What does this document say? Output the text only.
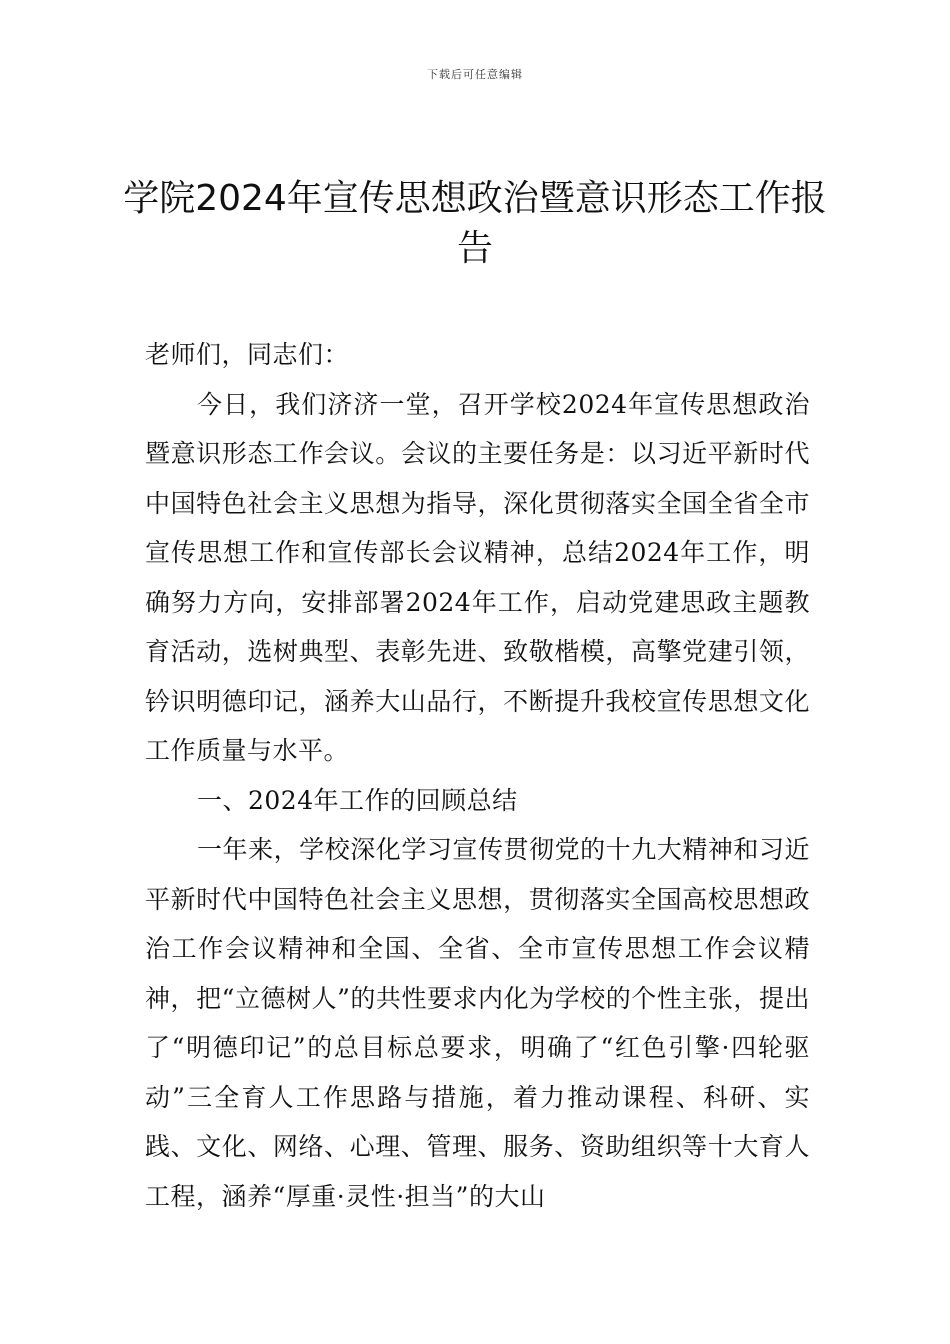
下载后可任意编辑
学院2024年宣传思想政治暨意识形态工作报告

老师们，同志们：

今日，我们济济一堂，召开学校2024年宣传思想政治暨意识形态工作会议。会议的主要任务是：以习近平新时代中国特色社会主义思想为指导，深化贯彻落实全国全省全市宣传思想工作和宣传部长会议精神，总结2024年工作，明确努力方向，安排部署2024年工作，启动党建思政主题教育活动，选树典型、表彰先进、致敬楷模，高擎党建引领，钤识明德印记，涵养大山品行，不断提升我校宣传思想文化工作质量与水平。

一、2024年工作的回顾总结

一年来，学校深化学习宣传贯彻党的十九大精神和习近平新时代中国特色社会主义思想，贯彻落实全国高校思想政治工作会议精神和全国、全省、全市宣传思想工作会议精神，把“立德树人”的共性要求内化为学校的个性主张，提出了“明德印记”的总目标总要求，明确了“红色引擎·四轮驱动”三全育人工作思路与措施，着力推动课程、科研、实践、文化、网络、心理、管理、服务、资助组织等十大育人工程，涵养“厚重·灵性·担当”的大山
